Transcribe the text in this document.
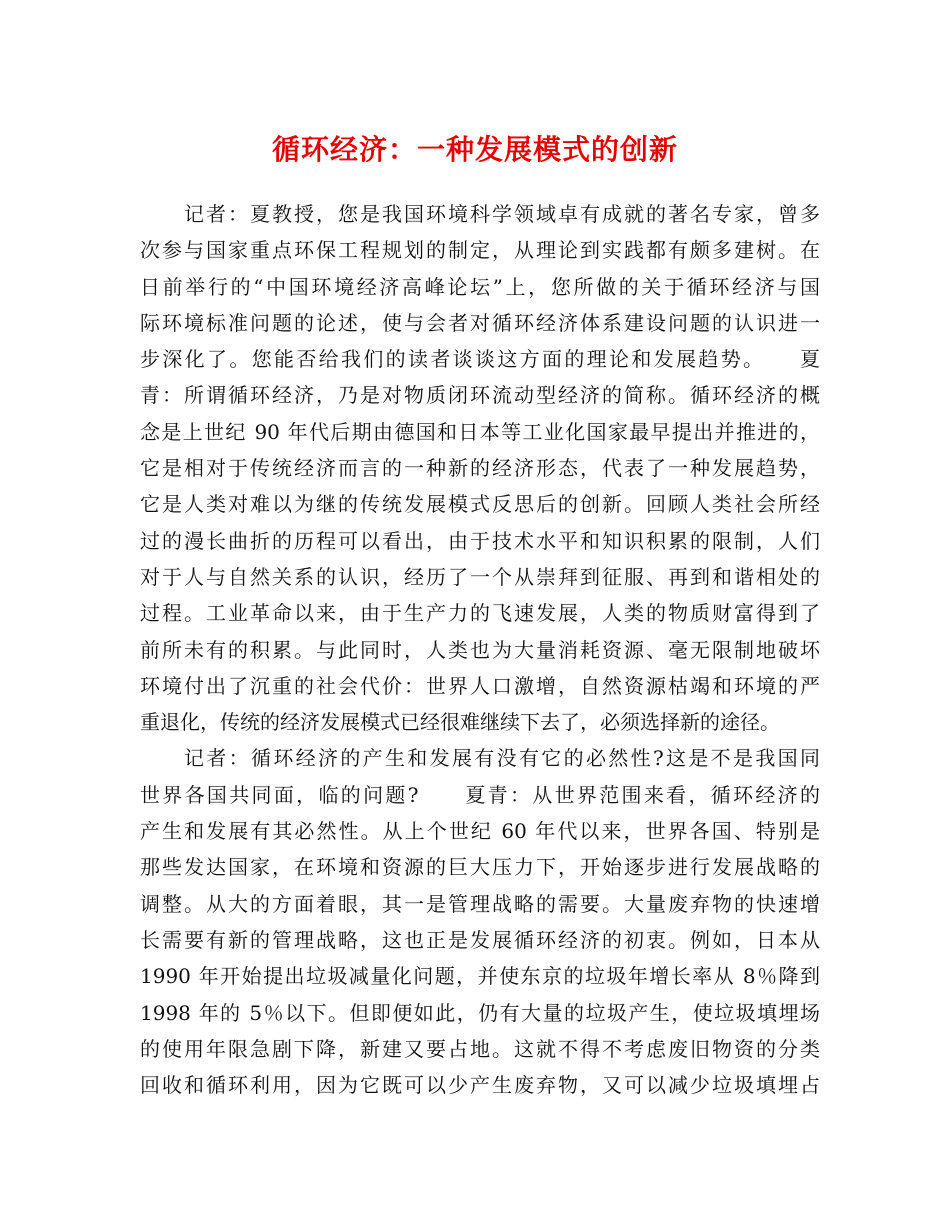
循环经济：一种发展模式的创新
记者：夏教授，您是我国环境科学领域卓有成就的著名专家，曾多
次参与国家重点环保工程规划的制定，从理论到实践都有颇多建树。在
日前举行的“中国环境经济高峰论坛”上，您所做的关于循环经济与国
际环境标准问题的论述，使与会者对循环经济体系建设问题的认识进一
步深化了。您能否给我们的读者谈谈这方面的理论和发展趋势。　　夏
青：所谓循环经济，乃是对物质闭环流动型经济的简称。循环经济的概
念是上世纪 90 年代后期由德国和日本等工业化国家最早提出并推进的，
它是相对于传统经济而言的一种新的经济形态，代表了一种发展趋势，
它是人类对难以为继的传统发展模式反思后的创新。回顾人类社会所经
过的漫长曲折的历程可以看出，由于技术水平和知识积累的限制，人们
对于人与自然关系的认识，经历了一个从崇拜到征服、再到和谐相处的
过程。工业革命以来，由于生产力的飞速发展，人类的物质财富得到了
前所未有的积累。与此同时，人类也为大量消耗资源、毫无限制地破坏
环境付出了沉重的社会代价：世界人口激增，自然资源枯竭和环境的严
重退化，传统的经济发展模式已经很难继续下去了，必须选择新的途径。
记者：循环经济的产生和发展有没有它的必然性?这是不是我国同
世界各国共同面，临的问题?　　夏青：从世界范围来看，循环经济的
产生和发展有其必然性。从上个世纪 60 年代以来，世界各国、特别是
那些发达国家，在环境和资源的巨大压力下，开始逐步进行发展战略的
调整。从大的方面着眼，其一是管理战略的需要。大量废弃物的快速增
长需要有新的管理战略，这也正是发展循环经济的初衷。例如，日本从
1990 年开始提出垃圾减量化问题，并使东京的垃圾年增长率从 8％降到
1998 年的 5％以下。但即便如此，仍有大量的垃圾产生，使垃圾填埋场
的使用年限急剧下降，新建又要占地。这就不得不考虑废旧物资的分类
回收和循环利用，因为它既可以少产生废弃物，又可以减少垃圾填埋占
